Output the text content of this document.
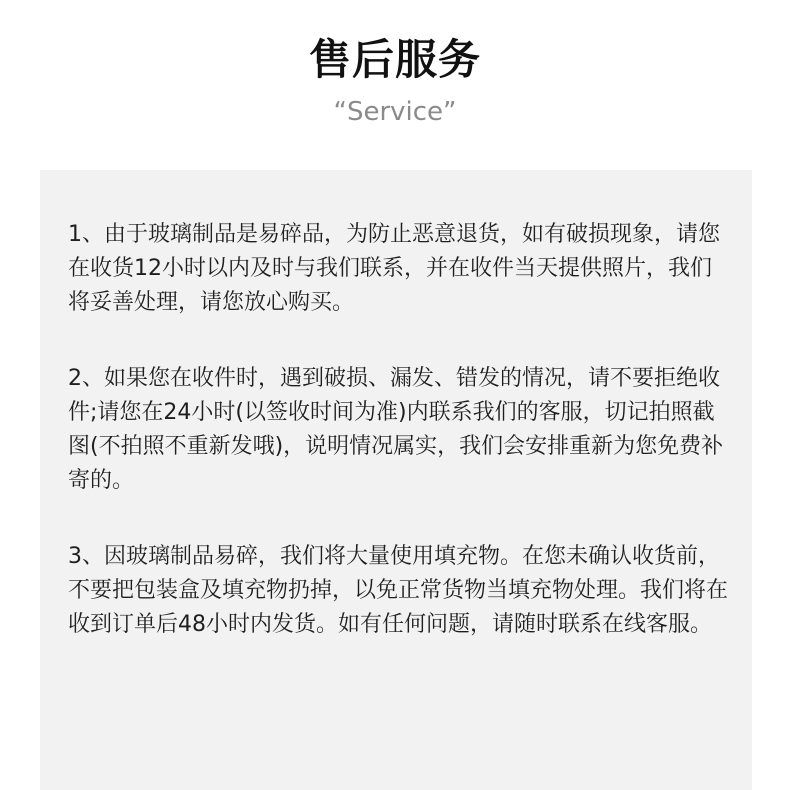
售后服务
“Service”

1、由于玻璃制品是易碎品，为防止恶意退货，如有破损现象，请您在收货12小时以内及时与我们联系，并在收件当天提供照片，我们将妥善处理，请您放心购买。

2、如果您在收件时，遇到破损、漏发、错发的情况，请不要拒绝收件;请您在24小时(以签收时间为准)内联系我们的客服，切记拍照截图(不拍照不重新发哦)，说明情况属实，我们会安排重新为您免费补寄的。

3、因玻璃制品易碎，我们将大量使用填充物。在您未确认收货前，不要把包装盒及填充物扔掉，以免正常货物当填充物处理。我们将在收到订单后48小时内发货。如有任何问题，请随时联系在线客服。
